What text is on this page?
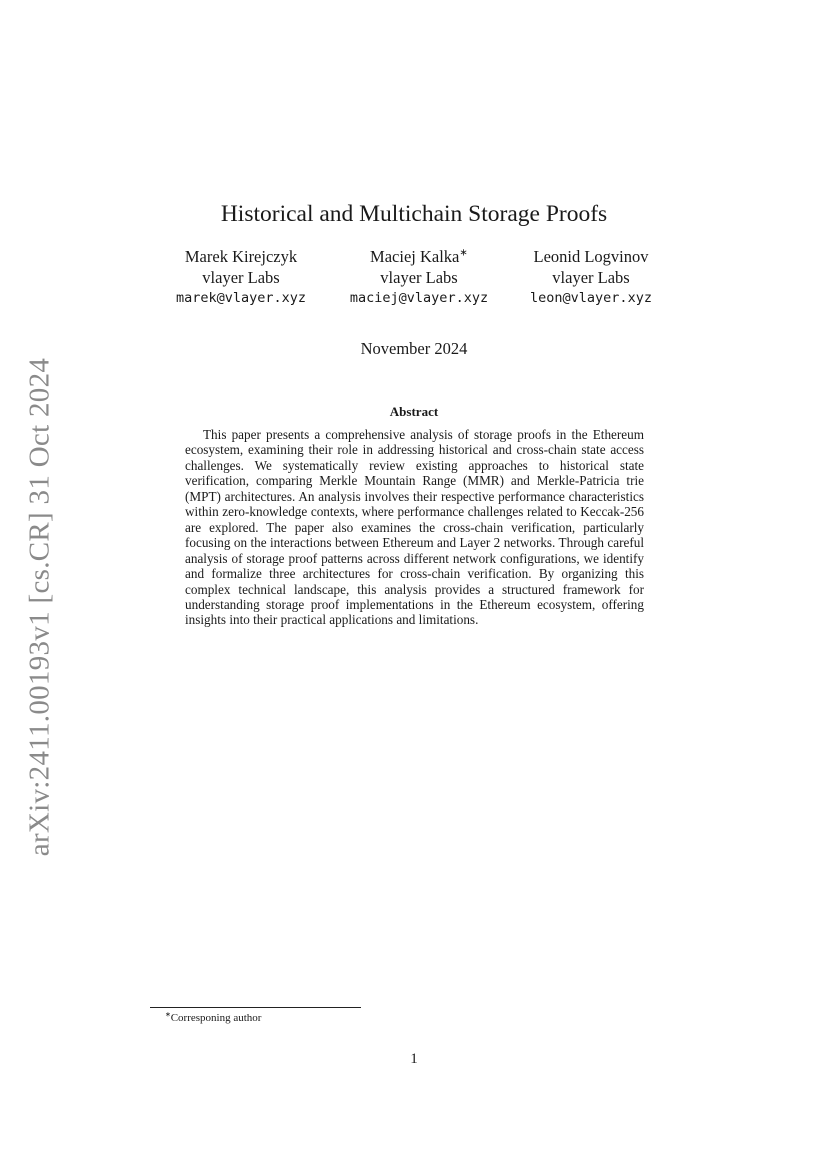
arXiv:2411.00193v1 [cs.CR] 31 Oct 2024
Historical and Multichain Storage Proofs
Marek Kirejczyk
vlayer Labs
marek@vlayer.xyz
Maciej Kalka∗
vlayer Labs
maciej@vlayer.xyz
Leonid Logvinov
vlayer Labs
leon@vlayer.xyz
November 2024
Abstract

This paper presents a comprehensive analysis of storage proofs in the Ethereum ecosystem, examining their role in addressing historical and cross-chain state access challenges. We systematically review existing approaches to historical state verification, comparing Merkle Mountain Range (MMR) and Merkle-Patricia trie (MPT) architectures. An analysis involves their respective performance characteristics within zero-knowledge contexts, where performance challenges related to Keccak-256 are explored. The paper also examines the cross-chain verification, particularly focusing on the interactions between Ethereum and Layer 2 networks. Through careful analysis of storage proof patterns across different network configurations, we identify and formalize three architectures for cross-chain verification. By organizing this complex technical landscape, this analysis provides a structured framework for understanding storage proof implementations in the Ethereum ecosystem, offering insights into their practical applications and limitations.

∗Corresponing author
1
